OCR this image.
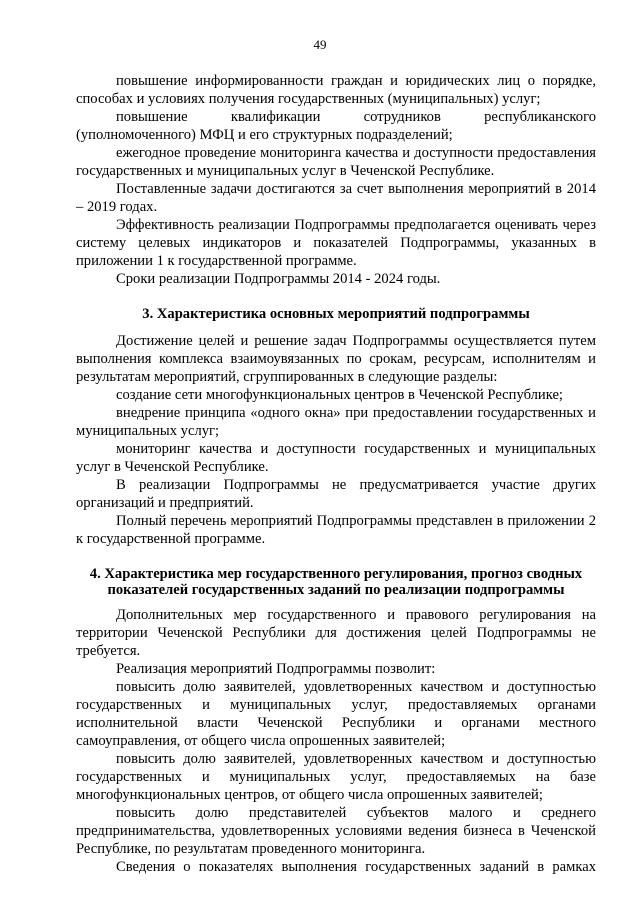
49

повышение информированности граждан и юридических лиц о порядке, способах и условиях получения государственных (муниципальных) услуг;

повышение квалификации сотрудников республиканского (уполномоченного) МФЦ и его структурных подразделений;

ежегодное проведение мониторинга качества и доступности предоставления государственных и муниципальных услуг в Чеченской Республике.

Поставленные задачи достигаются за счет выполнения мероприятий в 2014 – 2019 годах.

Эффективность реализации Подпрограммы предполагается оценивать через систему целевых индикаторов и показателей Подпрограммы, указанных в приложении 1 к государственной программе.

Сроки реализации Подпрограммы 2014 - 2024 годы.

3. Характеристика основных мероприятий подпрограммы

Достижение целей и решение задач Подпрограммы осуществляется путем выполнения комплекса взаимоувязанных по срокам, ресурсам, исполнителям и результатам мероприятий, сгруппированных в следующие разделы:

создание сети многофункциональных центров в Чеченской Республике;

внедрение принципа «одного окна» при предоставлении государственных и муниципальных услуг;

мониторинг качества и доступности государственных и муниципальных услуг в Чеченской Республике.

В реализации Подпрограммы не предусматривается участие других организаций и предприятий.

Полный перечень мероприятий Подпрограммы представлен в приложении 2 к государственной программе.

4. Характеристика мер государственного регулирования, прогноз сводных
показателей государственных заданий по реализации подпрограммы

Дополнительных мер государственного и правового регулирования на территории Чеченской Республики для достижения целей Подпрограммы не требуется.

Реализация мероприятий Подпрограммы позволит:

повысить долю заявителей, удовлетворенных качеством и доступностью государственных и муниципальных услуг, предоставляемых органами исполнительной власти Чеченской Республики и органами местного самоуправления, от общего числа опрошенных заявителей;

повысить долю заявителей, удовлетворенных качеством и доступностью государственных и муниципальных услуг, предоставляемых на базе многофункциональных центров, от общего числа опрошенных заявителей;

повысить долю представителей субъектов малого и среднего предпринимательства, удовлетворенных условиями ведения бизнеса в Чеченской Республике, по результатам проведенного мониторинга.

Сведения о показателях выполнения государственных заданий в рамках
